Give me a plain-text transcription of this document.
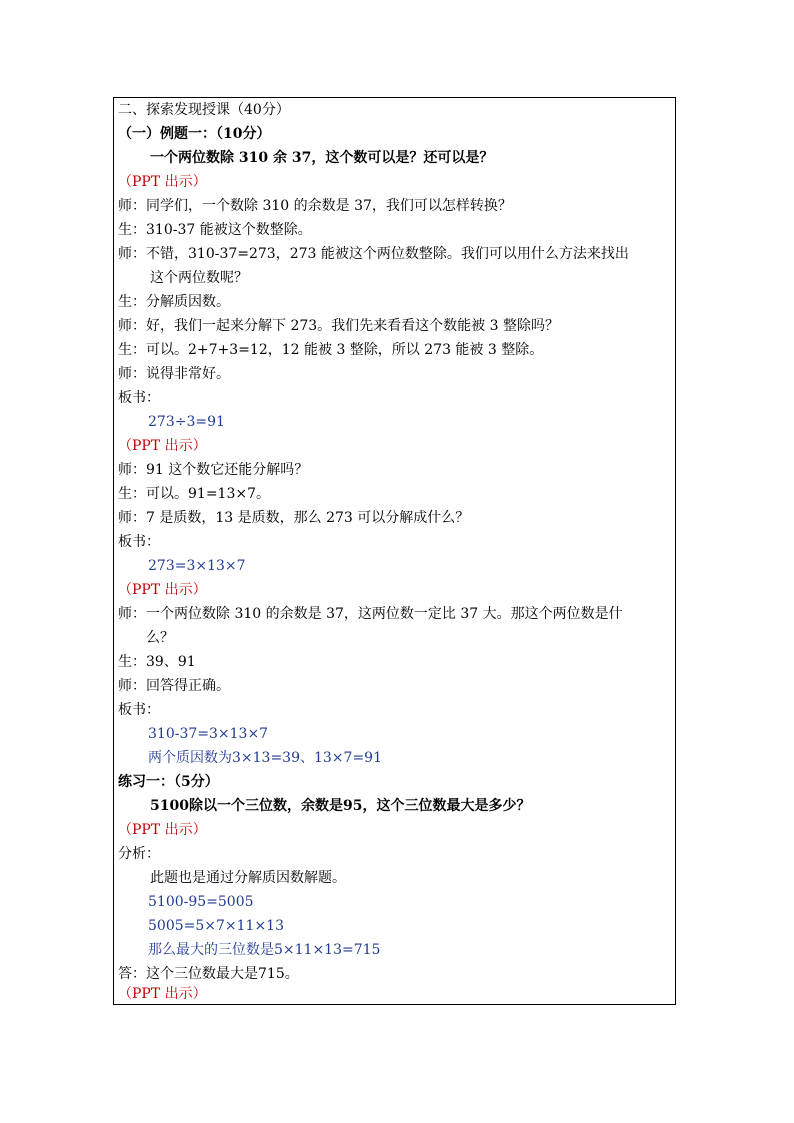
二、探索发现授课（40分）
（一）例题一：（10分）
一个两位数除 310 余 37，这个数可以是？还可以是？
（PPT 出示）
师：同学们，一个数除 310 的余数是 37，我们可以怎样转换？
生：310-37 能被这个数整除。
师：不错，310-37=273，273 能被这个两位数整除。我们可以用什么方法来找出
这个两位数呢？
生：分解质因数。
师：好，我们一起来分解下 273。我们先来看看这个数能被 3 整除吗？
生：可以。2+7+3=12，12 能被 3 整除，所以 273 能被 3 整除。
师：说得非常好。
板书：
273÷3=91
（PPT 出示）
师：91 这个数它还能分解吗？
生：可以。91=13×7。
师：7 是质数，13 是质数，那么 273 可以分解成什么？
板书：
273=3×13×7
（PPT 出示）
师：一个两位数除 310 的余数是 37，这两位数一定比 37 大。那这个两位数是什
么？
生：39、91
师：回答得正确。
板书：
310-37=3×13×7
两个质因数为3×13=39、13×7=91
练习一：（5分）
5100除以一个三位数，余数是95，这个三位数最大是多少？
（PPT 出示）
分析：
此题也是通过分解质因数解题。
5100-95=5005
5005=5×7×11×13
那么最大的三位数是5×11×13=715
答：这个三位数最大是715。
（PPT 出示）
